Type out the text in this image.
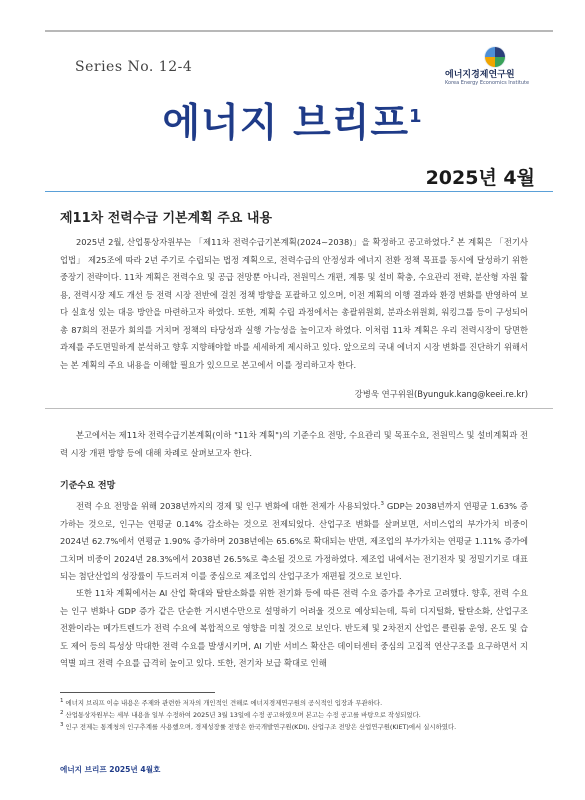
Series No. 12-4	에너지경제연구원
Korea Energy Economics Institute
에너지 브리프$^1$
2025년 4월
제11차 전력수급 기본계획 주요 내용
2025년 2월, 산업통상자원부는 「제11차 전력수급기본계획(2024~2038)」을 확정하고 공고하였다.$^2$ 본 계획은 「전기사업법」 제25조에 따라 2년 주기로 수립되는 법정 계획으로, 전력수급의 안정성과 에너지 전환 정책 목표를 동시에 달성하기 위한 중장기 전략이다. 11차 계획은 전력수요 및 공급 전망뿐 아니라, 전원믹스 개편, 계통 및 설비 확충, 수요관리 전략, 분산형 자원 활용, 전력시장 제도 개선 등 전력 시장 전반에 걸친 정책 방향을 포괄하고 있으며, 이전 계획의 이행 결과와 환경 변화를 반영하여 보다 실효성 있는 대응 방안을 마련하고자 하였다. 또한, 계획 수립 과정에서는 총괄위원회, 분과소위원회, 워킹그룹 등이 구성되어 총 87회의 전문가 회의를 거치며 정책의 타당성과 실행 가능성을 높이고자 하였다. 이처럼 11차 계획은 우리 전력시장이 당면한 과제를 주도면밀하게 분석하고 향후 지향해야할 바를 세세하게 제시하고 있다. 앞으로의 국내 에너지 시장 변화를 진단하기 위해서는 본 계획의 주요 내용을 이해할 필요가 있으므로 본고에서 이를 정리하고자 한다.
강병욱 연구위원(Byunguk.kang@keei.re.kr)
본고에서는 제11차 전력수급기본계획(이하 "11차 계획")의 기준수요 전망, 수요관리 및 목표수요, 전원믹스 및 설비계획과 전력 시장 개편 방향 등에 대해 차례로 살펴보고자 한다.
기준수요 전망
전력 수요 전망을 위해 2038년까지의 경제 및 인구 변화에 대한 전제가 사용되었다.$^3$ GDP는 2038년까지 연평균 1.63% 증가하는 것으로, 인구는 연평균 0.14% 감소하는 것으로 전제되었다. 산업구조 변화를 살펴보면, 서비스업의 부가가치 비중이 2024년 62.7%에서 연평균 1.90% 증가하며 2038년에는 65.6%로 확대되는 반면, 제조업의 부가가치는 연평균 1.11% 증가에 그치며 비중이 2024년 28.3%에서 2038년 26.5%로 축소될 것으로 가정하였다. 제조업 내에서는 전기전자 및 정밀기기로 대표되는 첨단산업의 성장률이 두드러져 이를 중심으로 제조업의 산업구조가 재편될 것으로 보인다.
또한 11차 계획에서는 AI 산업 확대와 탈탄소화를 위한 전기화 등에 따른 전력 수요 증가를 추가로 고려했다. 향후, 전력 수요는 인구 변화나 GDP 증가 같은 단순한 거시변수만으로 설명하기 어려울 것으로 예상되는데, 특히 디지털화, 탈탄소화, 산업구조 전환이라는 메가트렌드가 전력 수요에 복합적으로 영향을 미칠 것으로 보인다. 반도체 및 2차전지 산업은 클린룸 운영, 온도 및 습도 제어 등의 특성상 막대한 전력 수요를 발생시키며, AI 기반 서비스 확산은 데이터센터 중심의 고집적 연산구조를 요구하면서 지역별 피크 전력 수요를 급격히 높이고 있다. 또한, 전기차 보급 확대로 인해
$^1$ 에너지 브리프 이슈 내용은 주제와 관련한 저자의 개인적인 견해로 에너지경제연구원의 공식적인 입장과 무관하다.
$^2$ 산업통상자원부는 세부 내용을 일부 수정하여 2025년 3월 13일에 수정 공고하였으며 본고는 수정 공고를 바탕으로 작성되었다.
$^3$ 인구 전제는 통계청의 인구추계를 사용했으며, 경제성장률 전망은 한국개발연구원(KDI), 산업구조 전망은 산업연구원(KIET)에서 실시하였다.
에너지 브리프 2025년 4월호
